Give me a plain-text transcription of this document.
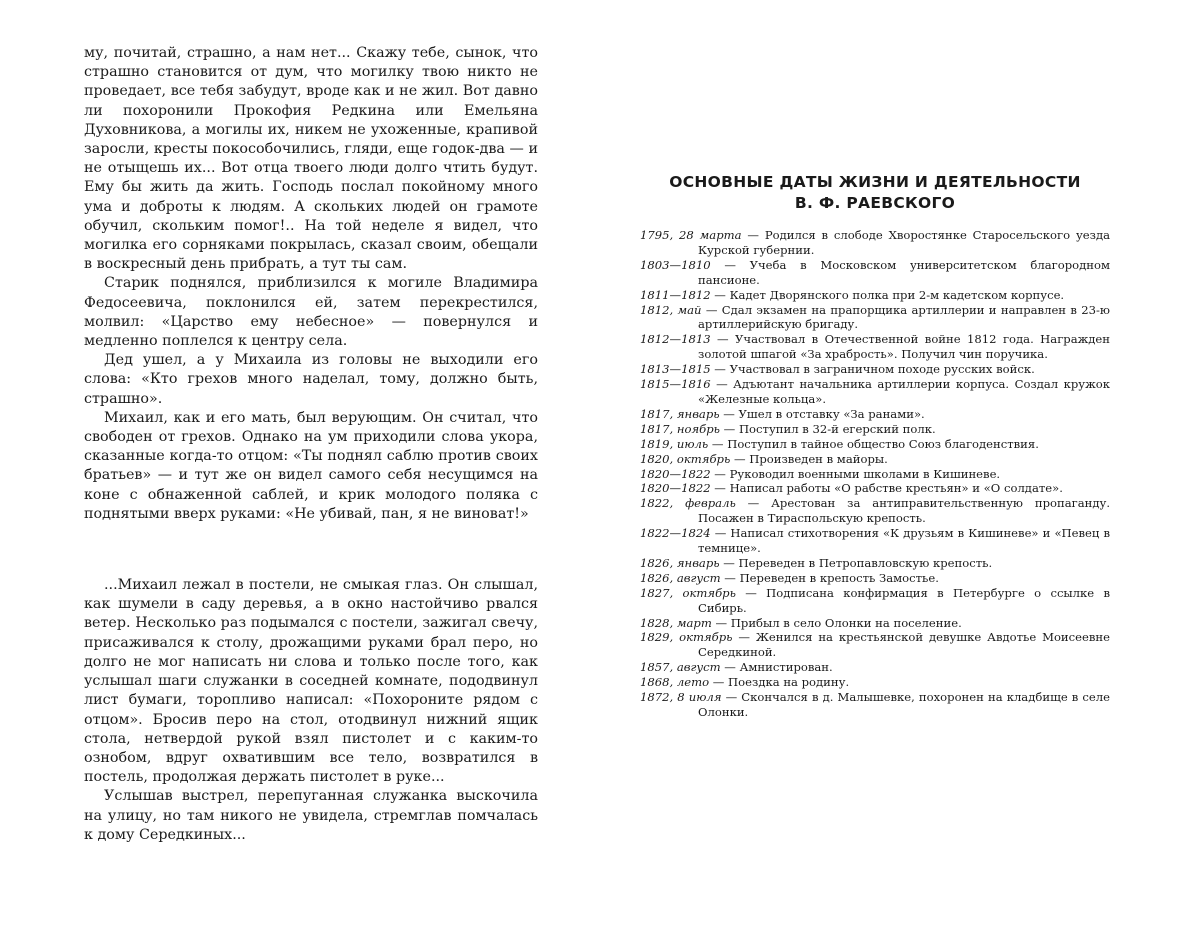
му, почитай, страшно, а нам нет... Скажу тебе, сынок, что страшно становится от дум, что могилку твою никто не проведает, все тебя забудут, вроде как и не жил. Вот давно ли похоронили Прокофия Редкина или Емельяна Духовникова, а могилы их, никем не ухоженные, крапивой заросли, кресты покособочились, гляди, еще годок-два — и не отыщешь их... Вот отца твоего люди долго чтить будут. Ему бы жить да жить. Господь послал покойному много ума и доброты к людям. А скольких людей он грамоте обучил, скольким помог!.. На той неделе я видел, что могилка его сорняками покрылась, сказал своим, обещали в воскресный день прибрать, а тут ты сам.

Старик поднялся, приблизился к могиле Владимира Федосеевича, поклонился ей, затем перекрестился, молвил: «Царство ему небесное» — повернулся и медленно поплелся к центру села.

Дед ушел, а у Михаила из головы не выходили его слова: «Кто грехов много наделал, тому, должно быть, страшно».

Михаил, как и его мать, был верующим. Он считал, что свободен от грехов. Однако на ум приходили слова укора, сказанные когда-то отцом: «Ты поднял саблю против своих братьев» — и тут же он видел самого себя несущимся на коне с обнаженной саблей, и крик молодого поляка с поднятыми вверх руками: «Не убивай, пан, я не виноват!»

...Михаил лежал в постели, не смыкая глаз. Он слышал, как шумели в саду деревья, а в окно настойчиво рвался ветер. Несколько раз подымался с постели, зажигал свечу, присаживался к столу, дрожащими руками брал перо, но долго не мог написать ни слова и только после того, как услышал шаги служанки в соседней комнате, пододвинул лист бумаги, торопливо написал: «Похороните рядом с отцом». Бросив перо на стол, отодвинул нижний ящик стола, нетвердой рукой взял пистолет и с каким-то ознобом, вдруг охватившим все тело, возвратился в постель, продолжая держать пистолет в руке...

Услышав выстрел, перепуганная служанка выскочила на улицу, но там никого не увидела, стремглав помчалась к дому Середкиных...

ОСНОВНЫЕ ДАТЫ ЖИЗНИ И ДЕЯТЕЛЬНОСТИ
В. Ф. РАЕВСКОГО
1795, 28 марта — Родился в слободе Хворостянке Старосельского уезда Курской губернии.
1803—1810 — Учеба в Московском университетском благородном пансионе.
1811—1812 — Кадет Дворянского полка при 2-м кадетском корпусе.
1812, май — Сдал экзамен на прапорщика артиллерии и направлен в 23-ю артиллерийскую бригаду.
1812—1813 — Участвовал в Отечественной войне 1812 года. Награжден золотой шпагой «За храбрость». Получил чин поручика.
1813—1815 — Участвовал в заграничном походе русских войск.
1815—1816 — Адъютант начальника артиллерии корпуса. Создал кружок «Железные кольца».
1817, январь — Ушел в отставку «За ранами».
1817, ноябрь — Поступил в 32-й егерский полк.
1819, июль — Поступил в тайное общество Союз благоденствия.
1820, октябрь — Произведен в майоры.
1820—1822 — Руководил военными школами в Кишиневе.
1820—1822 — Написал работы «О рабстве крестьян» и «О солдате».
1822, февраль — Арестован за антиправительственную пропаганду. Посажен в Тираспольскую крепость.
1822—1824 — Написал стихотворения «К друзьям в Кишиневе» и «Певец в темнице».
1826, январь — Переведен в Петропавловскую крепость.
1826, август — Переведен в крепость Замостье.
1827, октябрь — Подписана конфирмация в Петербурге о ссылке в Сибирь.
1828, март — Прибыл в село Олонки на поселение.
1829, октябрь — Женился на крестьянской девушке Авдотье Моисеевне Середкиной.
1857, август — Амнистирован.
1868, лето — Поездка на родину.
1872, 8 июля — Скончался в д. Малышевке, похоронен на кладбище в селе Олонки.
